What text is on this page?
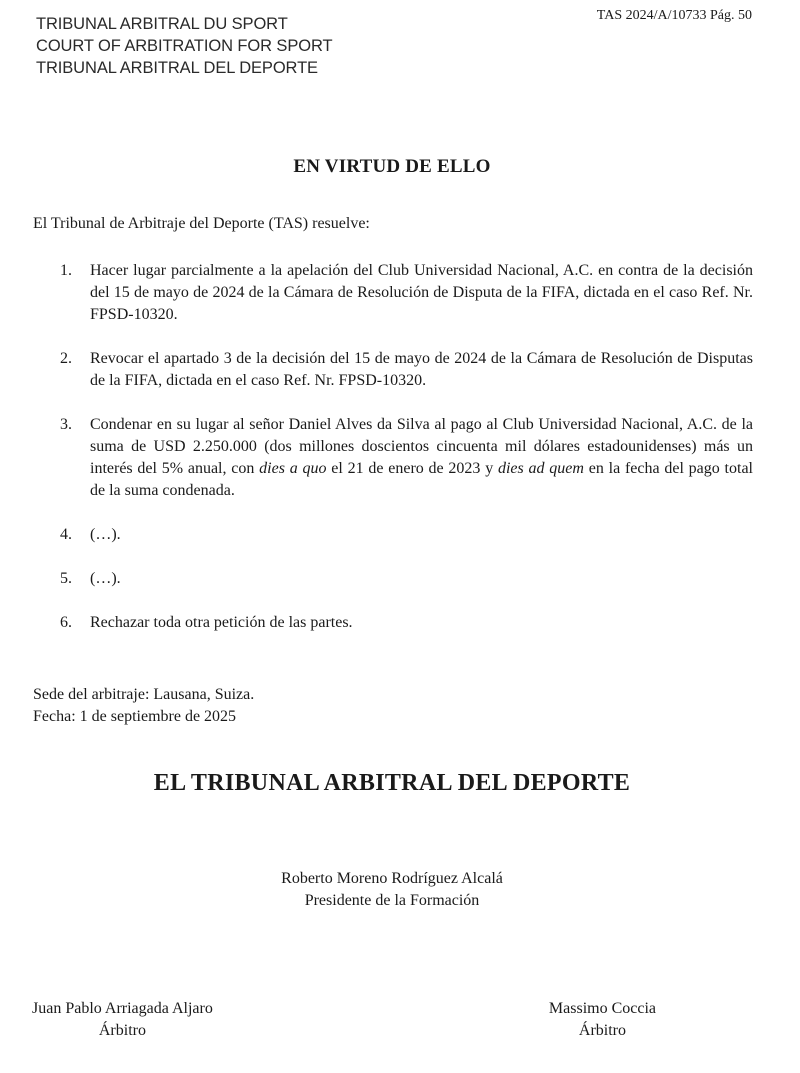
TRIBUNAL ARBITRAL DU SPORT
COURT OF ARBITRATION FOR SPORT
TRIBUNAL ARBITRAL DEL DEPORTE
TAS 2024/A/10733 Pág. 50
EN VIRTUD DE ELLO
El Tribunal de Arbitraje del Deporte (TAS) resuelve:
1.	Hacer lugar parcialmente a la apelación del Club Universidad Nacional, A.C. en contra de la decisión del 15 de mayo de 2024 de la Cámara de Resolución de Disputa de la FIFA, dictada en el caso Ref. Nr. FPSD-10320.
2.	Revocar el apartado 3 de la decisión del 15 de mayo de 2024 de la Cámara de Resolución de Disputas de la FIFA, dictada en el caso Ref. Nr. FPSD-10320.
3.	Condenar en su lugar al señor Daniel Alves da Silva al pago al Club Universidad Nacional, A.C. de la suma de USD 2.250.000 (dos millones doscientos cincuenta mil dólares estadounidenses) más un interés del 5% anual, con dies a quo el 21 de enero de 2023 y dies ad quem en la fecha del pago total de la suma condenada.
4.	(…).
5.	(…).
6.	Rechazar toda otra petición de las partes.
Sede del arbitraje: Lausana, Suiza.
Fecha: 1 de septiembre de 2025
EL TRIBUNAL ARBITRAL DEL DEPORTE
Roberto Moreno Rodríguez Alcalá
Presidente de la Formación
Juan Pablo Arriagada Aljaro
Árbitro
Massimo Coccia
Árbitro
